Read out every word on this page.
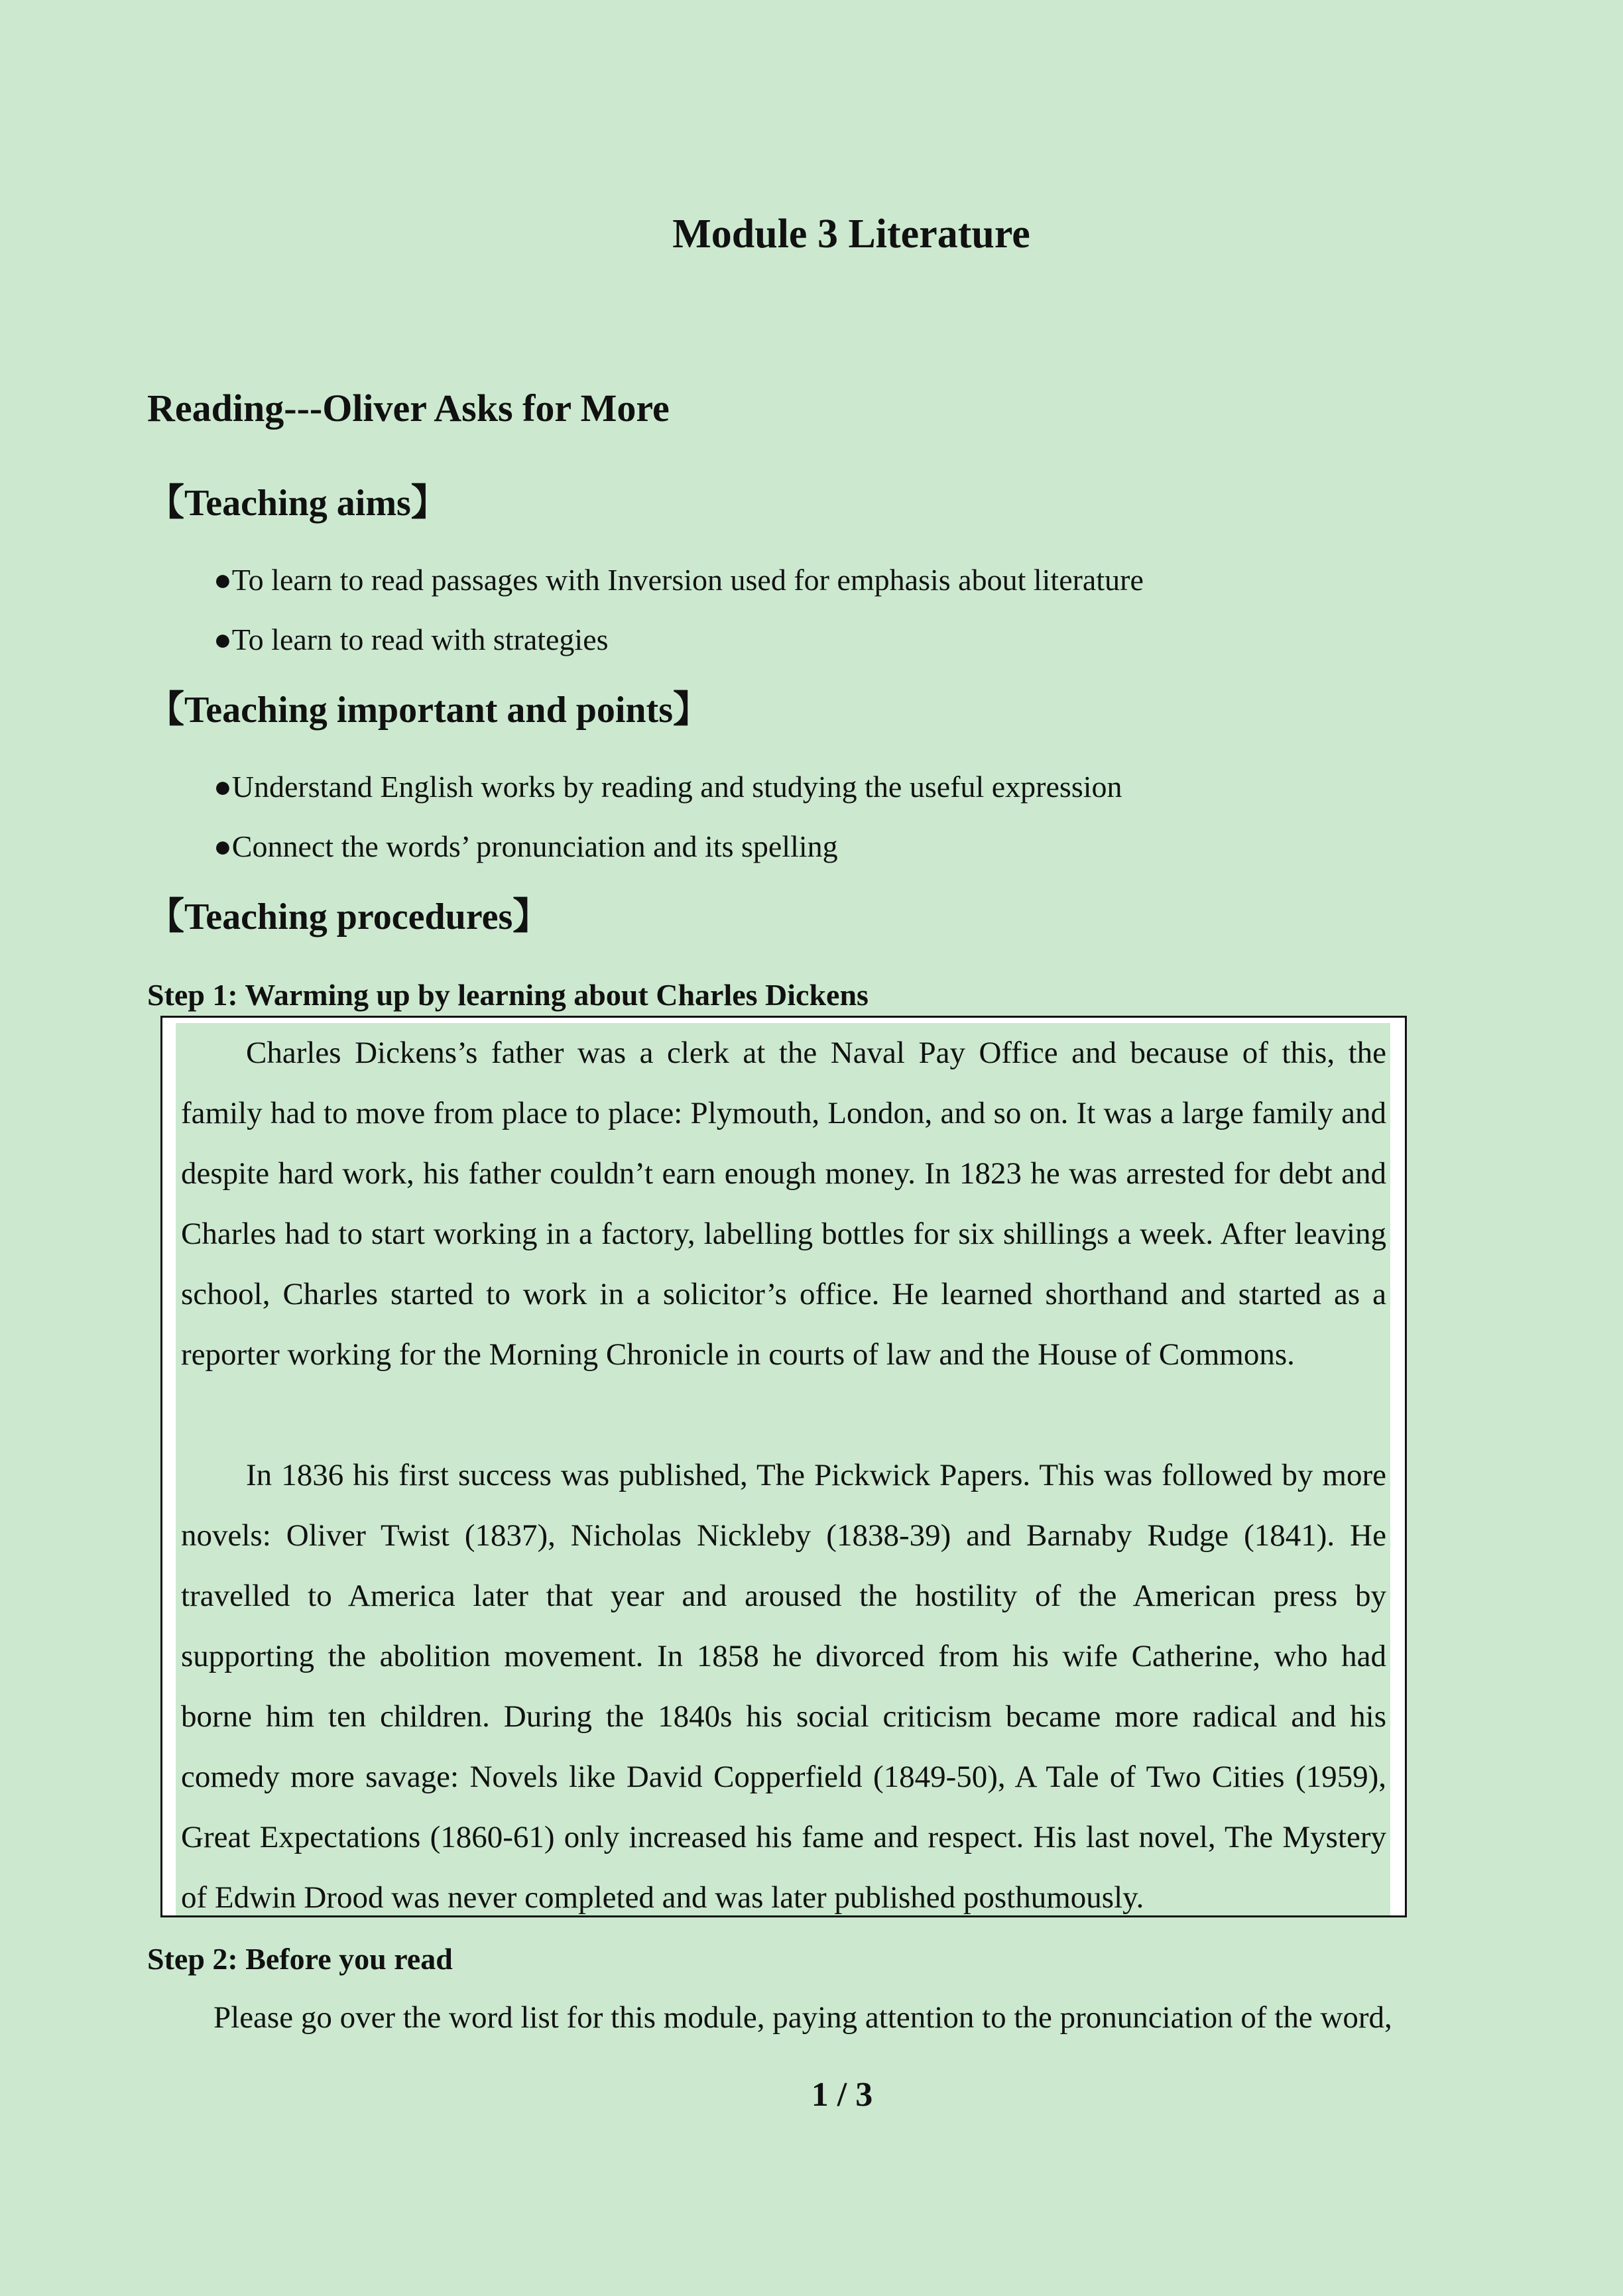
Module 3 Literature
Reading---Oliver Asks for More
【Teaching aims】
●To learn to read passages with Inversion used for emphasis about literature
●To learn to read with strategies
【Teaching important and points】
●Understand English works by reading and studying the useful expression
●Connect the words’ pronunciation and its spelling
【Teaching procedures】
Step 1: Warming up by learning about Charles Dickens
Charles Dickens’s father was a clerk at the Naval Pay Office and because of this, the family had to move from place to place: Plymouth, London, and so on. It was a large family and despite hard work, his father couldn’t earn enough money. In 1823 he was arrested for debt and Charles had to start working in a factory, labelling bottles for six shillings a week. After leaving school, Charles started to work in a solicitor’s office. He learned shorthand and started as a reporter working for the Morning Chronicle in courts of law and the House of Commons.
In 1836 his first success was published, The Pickwick Papers. This was followed by more novels: Oliver Twist (1837), Nicholas Nickleby (1838-39) and Barnaby Rudge (1841). He travelled to America later that year and aroused the hostility of the American press by supporting the abolition movement. In 1858 he divorced from his wife Catherine, who had borne him ten children. During the 1840s his social criticism became more radical and his comedy more savage: Novels like David Copperfield (1849-50), A Tale of Two Cities (1959), Great Expectations (1860-61) only increased his fame and respect. His last novel, The Mystery of Edwin Drood was never completed and was later published posthumously.
Step 2: Before you read
Please go over the word list for this module, paying attention to the pronunciation of the word,
1 / 3
